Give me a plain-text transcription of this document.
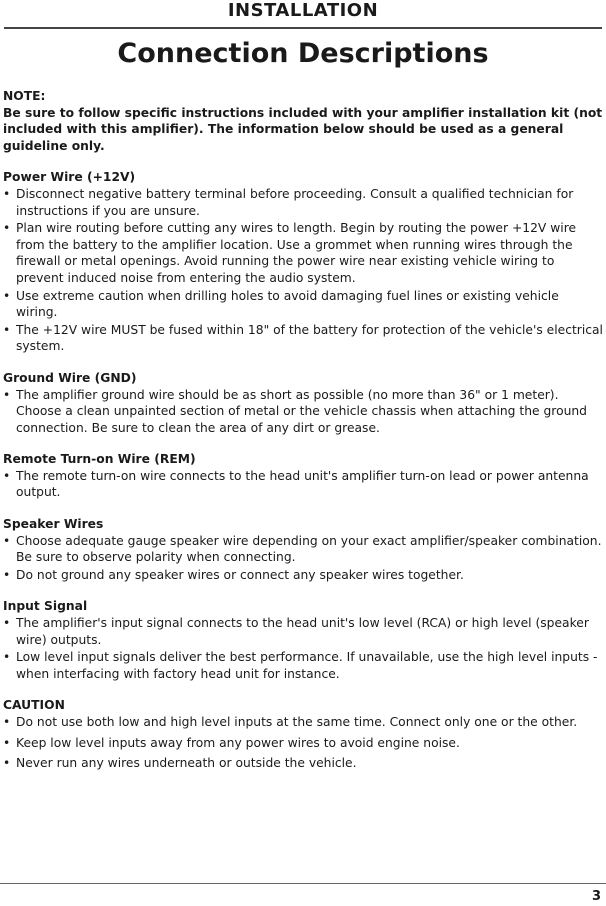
INSTALLATION
Connection Descriptions
NOTE:
Be sure to follow specific instructions included with your amplifier installation kit (not included with this amplifier). The information below should be used as a general guideline only.
Power Wire (+12V)
• Disconnect negative battery terminal before proceeding. Consult a qualified technician for instructions if you are unsure.
• Plan wire routing before cutting any wires to length. Begin by routing the power +12V wire from the battery to the amplifier location. Use a grommet when running wires through the firewall or metal openings. Avoid running the power wire near existing vehicle wiring to prevent induced noise from entering the audio system.
• Use extreme caution when drilling holes to avoid damaging fuel lines or existing vehicle wiring.
• The +12V wire MUST be fused within 18" of the battery for protection of the vehicle's electrical system.
Ground Wire (GND)
• The amplifier ground wire should be as short as possible (no more than 36" or 1 meter). Choose a clean unpainted section of metal or the vehicle chassis when attaching the ground connection. Be sure to clean the area of any dirt or grease.
Remote Turn-on Wire (REM)
• The remote turn-on wire connects to the head unit's amplifier turn-on lead or power antenna output.
Speaker Wires
• Choose adequate gauge speaker wire depending on your exact amplifier/speaker combination. Be sure to observe polarity when connecting.
• Do not ground any speaker wires or connect any speaker wires together.
Input Signal
• The amplifier's input signal connects to the head unit's low level (RCA) or high level (speaker wire) outputs.
• Low level input signals deliver the best performance. If unavailable, use the high level inputs - when interfacing with factory head unit for instance.
CAUTION
• Do not use both low and high level inputs at the same time. Connect only one or the other.
• Keep low level inputs away from any power wires to avoid engine noise.
• Never run any wires underneath or outside the vehicle.
3
